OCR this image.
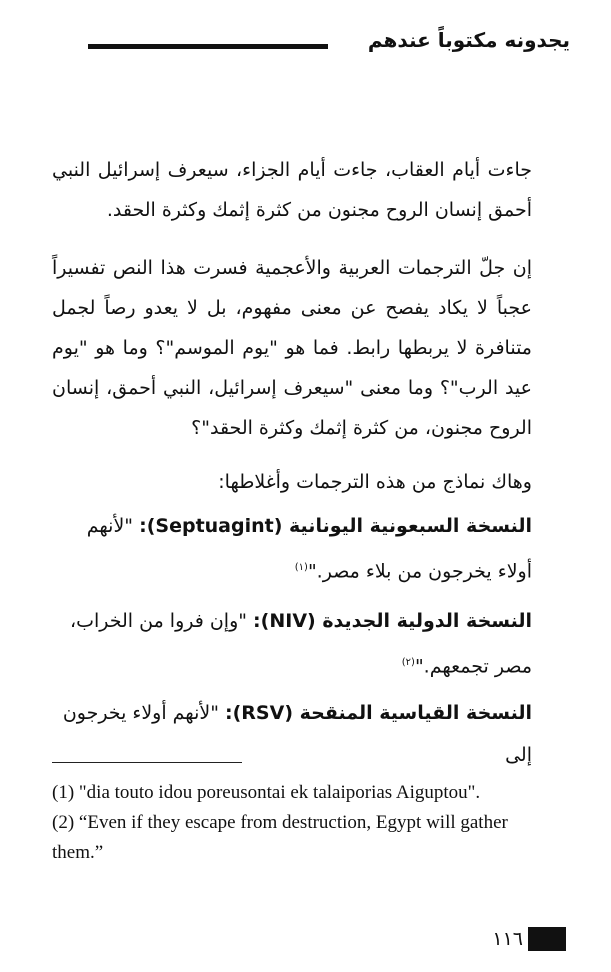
يجدونه مكتوباً عندهم
جاءت أيام العقاب، جاءت أيام الجزاء، سيعرف إسرائيل النبي أحمق إنسان الروح مجنون من كثرة إثمك وكثرة الحقد.
إن جلّ الترجمات العربية والأعجمية فسرت هذا النص تفسيراً عجباً لا يكاد يفصح عن معنى مفهوم، بل لا يعدو رصاً لجمل متنافرة لا يربطها رابط. فما هو "يوم الموسم"؟ وما هو "يوم عيد الرب"؟ وما معنى "سيعرف إسرائيل، النبي أحمق، إنسان الروح مجنون، من كثرة إثمك وكثرة الحقد"؟
وهاك نماذج من هذه الترجمات وأغلاطها:
النسخة السبعونية اليونانية (Septuagint): "لأنهم أولاء يخرجون من بلاء مصر."$^{(١)}$
النسخة الدولية الجديدة (NIV): "وإن فروا من الخراب، مصر تجمعهم."$^{(٢)}$
النسخة القياسية المنقحة (RSV): "لأنهم أولاء يخرجون إلى

(1) "dia touto idou poreusontai ek talaiporias Aiguptou".

(2) “Even if they escape from destruction, Egypt will gather them.”

١١٦
